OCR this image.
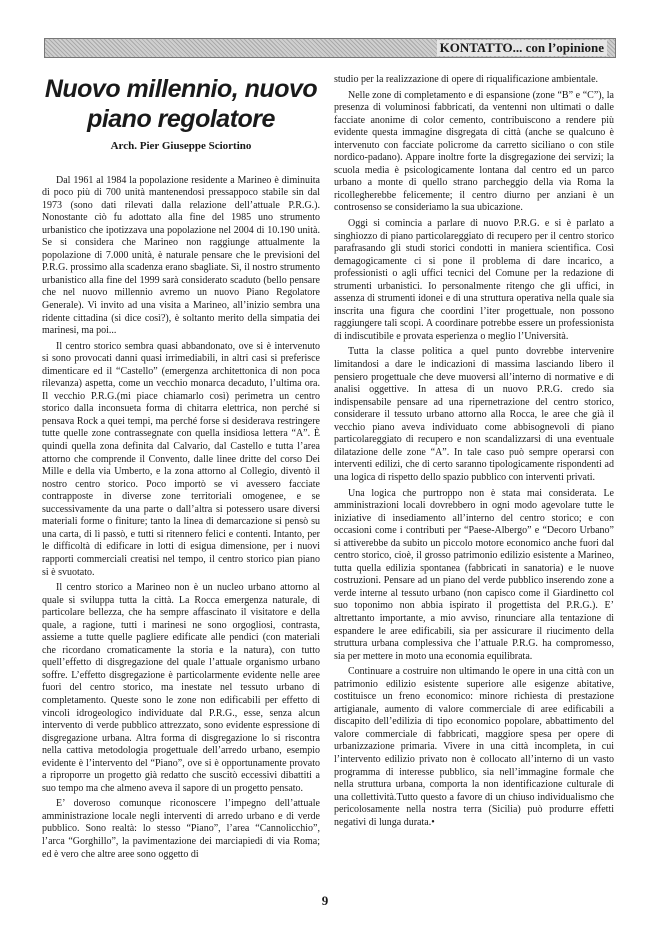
KONTATTO... con l’opinione
Nuovo millennio, nuovo
piano regolatore
Arch. Pier Giuseppe Sciortino

Dal 1961 al 1984 la popolazione residente a Marineo è diminuita di poco più di 700 unità mantenendosi pressappoco stabile sin dal 1973 (sono dati rilevati dalla relazione dell’attuale P.R.G.). Nonostante ciò fu adottato alla fine del 1985 uno strumento urbanistico che ipotizzava una popolazione nel 2004 di 10.190 unità. Se si considera che Marineo non raggiunge attualmente la popolazione di 7.000 unità, è naturale pensare che le previsioni del P.R.G. prossimo alla scadenza erano sbagliate. Sì, il nostro strumento urbanistico alla fine del 1999 sarà considerato scaduto (bello pensare che nel nuovo millennio avremo un nuovo Piano Regolatore Generale). Vi invito ad una visita a Marineo, all’inizio sembra una ridente cittadina (si dice così?), è soltanto merito della simpatia dei marinesi, ma poi...

Il centro storico sembra quasi abbandonato, ove si è intervenuto si sono provocati danni quasi irrimediabili, in altri casi si preferisce dimenticare ed il “Castello” (emergenza architettonica di non poca rilevanza) aspetta, come un vecchio monarca decaduto, l’ultima ora. Il vecchio P.R.G.(mi piace chiamarlo così) perimetra un centro storico dalla inconsueta forma di chitarra elettrica, non perché si pensava Rock a quei tempi, ma perché forse si desiderava restringere tutte quelle zone contrassegnate con quella insidiosa lettera “A”. È quindi quella zona definita dal Calvario, dal Castello e tutta l’area attorno che comprende il Convento, dalle linee dritte del corso Dei Mille e della via Umberto, e la zona attorno al Collegio, diventò il nostro centro storico. Poco importò se vi avessero facciate contrapposte in diverse zone territoriali omogenee, e se successivamente da una parte o dall’altra si potessero usare diversi materiali forme o finiture; tanto la linea di demarcazione si pensò su una carta, di lì passò, e tutti si ritennero felici e contenti. Intanto, per le difficoltà di edificare in lotti di esigua dimensione, per i nuovi rapporti commerciali creatisi nel tempo, il centro storico pian piano si è svuotato.

Il centro storico a Marineo non è un nucleo urbano attorno al quale si sviluppa tutta la città. La Rocca emergenza naturale, di particolare bellezza, che ha sempre affascinato il visitatore e della quale, a ragione, tutti i marinesi ne sono orgogliosi, contrasta, assieme a tutte quelle pagliere edificate alle pendici (con materiali che ricordano cromaticamente la storia e la natura), con tutto quell’effetto di disgregazione del quale l’attuale organismo urbano soffre. L’effetto disgregazione è particolarmente evidente nelle aree fuori del centro storico, ma inestate nel tessuto urbano di completamento. Queste sono le zone non edificabili per effetto di vincoli idrogeologico individuate dal P.R.G., esse, senza alcun intervento di verde pubblico attrezzato, sono evidente espressione di disgregazione urbana. Altra forma di disgregazione lo si riscontra nella cattiva metodologia progettuale dell’arredo urbano, esempio evidente è l’intervento del “Piano”, ove si è opportunamente provato a riproporre un progetto già redatto che suscitò eccessivi dibattiti a suo tempo ma che almeno aveva il sapore di un progetto pensato.

E’ doveroso comunque riconoscere l’impegno dell’attuale amministrazione locale negli interventi di arredo urbano e di verde pubblico. Sono realtà: lo stesso “Piano”, l’area “Cannolicchio”, l’arca “Gorghillo”, la pavimentazione dei marciapiedi di via Roma; ed è vero che altre aree sono oggetto di

studio per la realizzazione di opere di riqualificazione ambientale.

Nelle zone di completamento e di espansione (zone “B” e “C”), la presenza di voluminosi fabbricati, da ventenni non ultimati o dalle facciate anonime di color cemento, contribuiscono a rendere più evidente questa immagine disgregata di città (anche se qualcuno è intervenuto con facciate policrome da carretto siciliano o con stile nordico-padano). Appare inoltre forte la disgregazione dei servizi; la scuola media è psicologicamente lontana dal centro ed un parco urbano a monte di quello strano parcheggio della via Roma la ricollegherebbe felicemente; il centro diurno per anziani è un controsenso se consideriamo la sua ubicazione.

Oggi si comincia a parlare di nuovo P.R.G. e si è parlato a singhiozzo di piano particolareggiato di recupero per il centro storico parafrasando gli studi storici condotti in maniera scientifica. Così demagogicamente ci si pone il problema di dare incarico, a professionisti o agli uffici tecnici del Comune per la redazione di strumenti urbanistici. Io personalmente ritengo che gli uffici, in assenza di strumenti idonei e di una struttura operativa nella quale sia inscrita una figura che coordini l’iter progettuale, non possono raggiungere tali scopi. A coordinare potrebbe essere un professionista di indiscutibile e provata esperienza o meglio l’Università.

Tutta la classe politica a quel punto dovrebbe intervenire limitandosi a dare le indicazioni di massima lasciando libero il pensiero progettuale che deve muoversi all’interno di normative e di analisi oggettive. In attesa di un nuovo P.R.G. credo sia indispensabile pensare ad una ripernetrazione del centro storico, considerare il tessuto urbano attorno alla Rocca, le aree che già il vecchio piano aveva individuato come abbisognevoli di piano particolareggiato di recupero e non scandalizzarsi di una eventuale dilatazione delle zone “A”. In tale caso può sempre operarsi con interventi edilizi, che di certo saranno tipologicamente rispondenti ad una logica di rispetto dello spazio pubblico con interventi privati.

Una logica che purtroppo non è stata mai considerata. Le amministrazioni locali dovrebbero in ogni modo agevolare tutte le iniziative di insediamento all’interno del centro storico; e con occasioni come i contributi per “Paese-Albergo” e “Decoro Urbano” si attiverebbe da subito un piccolo motore economico anche fuori dal centro storico, cioè, il grosso patrimonio edilizio esistente a Marineo, tutta quella edilizia spontanea (fabbricati in sanatoria) e le nuove costruzioni. Pensare ad un piano del verde pubblico inserendo zone a verde interne al tessuto urbano (non capisco come il Giardinetto col suo toponimo non abbia ispirato il progettista del P.R.G.). E’ altrettanto importante, a mio avviso, rinunciare alla tentazione di espandere le aree edificabili, sia per assicurare il riucimento della struttura urbana complessiva che l’attuale P.R.G. ha compromesso, sia per mettere in moto una economia equilibrata.

Continuare a costruire non ultimando le opere in una città con un patrimonio edilizio esistente superiore alle esigenze abitative, costituisce un freno economico: minore richiesta di prestazione artigianale, aumento di valore commerciale di aree edificabili a discapito dell’edilizia di tipo economico popolare, abbattimento del valore commerciale di fabbricati, maggiore spesa per opere di urbanizzazione primaria. Vivere in una città incompleta, in cui l’intervento edilizio privato non è collocato all’interno di un vasto programma di interesse pubblico, sia nell’immagine formale che nella struttura urbana, comporta la non identificazione culturale di una collettività.Tutto questo a favore di un chiuso individualismo che pericolosamente nella nostra terra (Sicilia) può produrre effetti negativi di lunga durata.•

9
